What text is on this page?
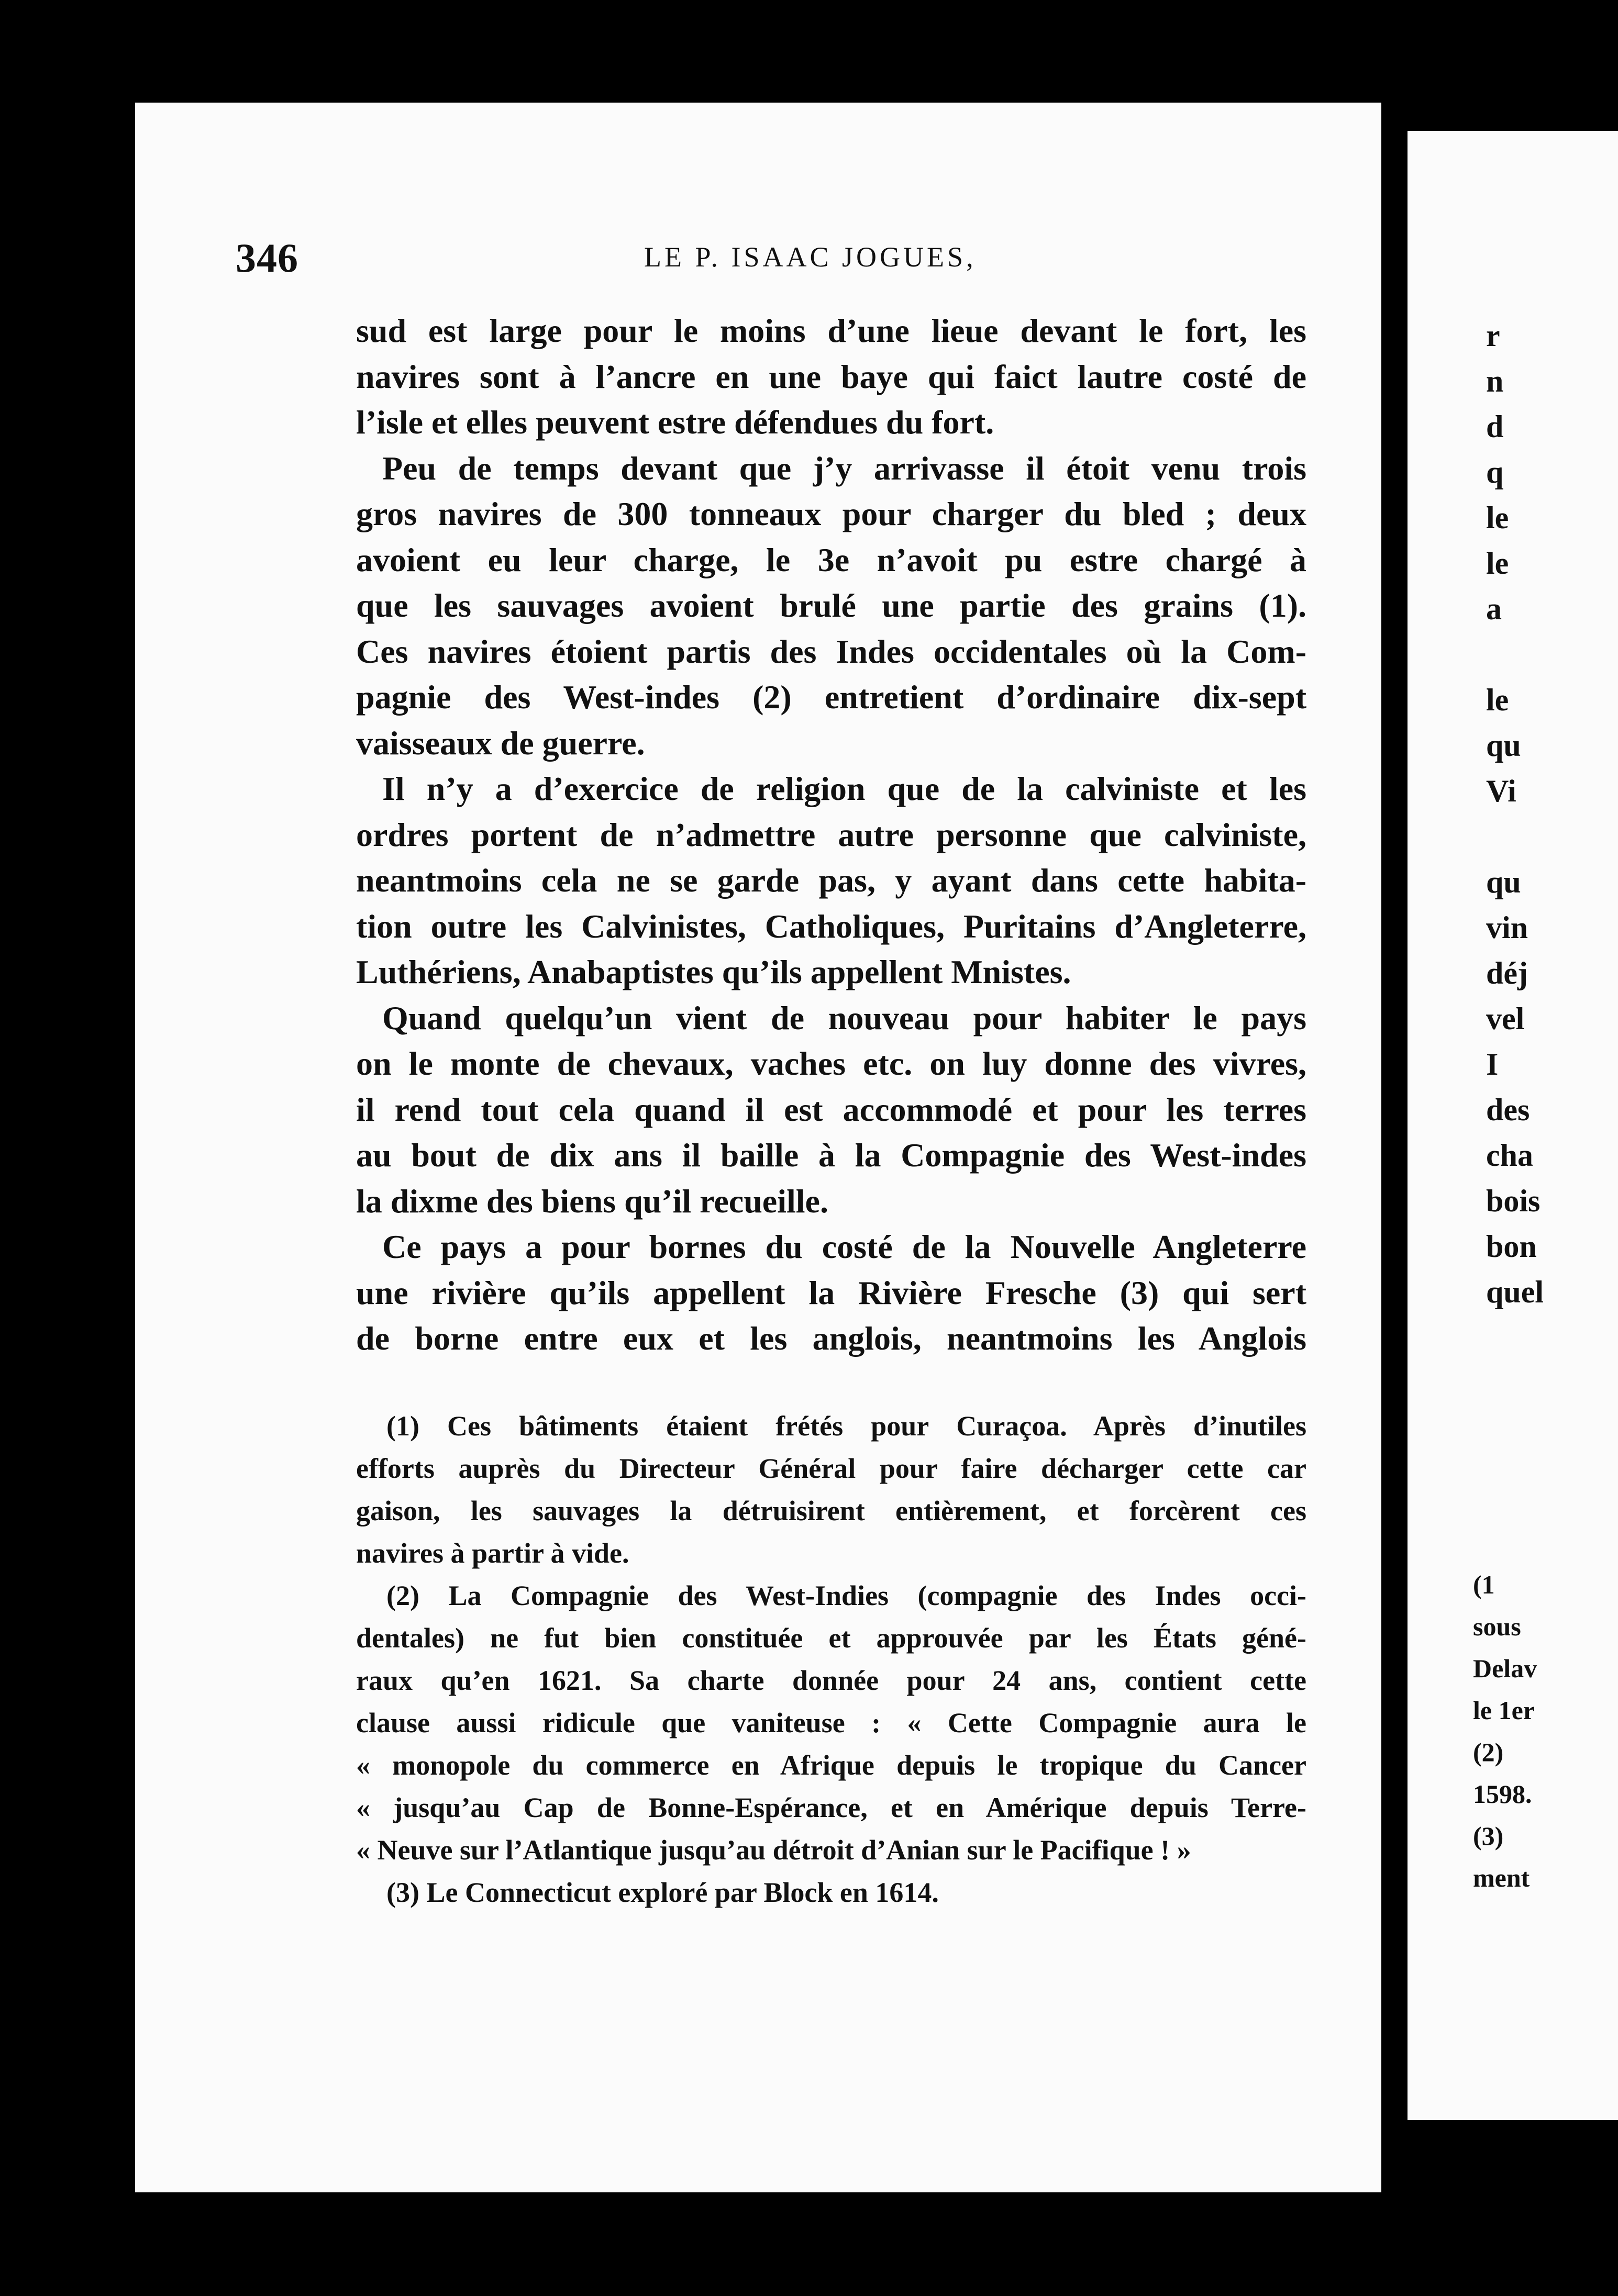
r
n
d
q
le
le
a
le
qu
Vi
qu
vin
déj
vel
I
des
cha
bois
bon
quel
(1
sous
Delav
le 1er
(2)
1598.
(3)
ment
346	LE P. ISAAC JOGUES,
sud est large pour le moins d’une lieue devant le fort, les
navires sont à l’ancre en une baye qui faict lautre costé de
l’isle et elles peuvent estre défendues du fort.
Peu de temps devant que j’y arrivasse il étoit venu trois
gros navires de 300 tonneaux pour charger du bled ; deux
avoient eu leur charge, le 3e n’avoit pu estre chargé à
que les sauvages avoient brulé une partie des grains (1).
Ces navires étoient partis des Indes occidentales où la Com-
pagnie des West-indes (2) entretient d’ordinaire dix-sept
vaisseaux de guerre.
Il n’y a d’exercice de religion que de la calviniste et les
ordres portent de n’admettre autre personne que calviniste,
neantmoins cela ne se garde pas, y ayant dans cette habita-
tion outre les Calvinistes, Catholiques, Puritains d’Angleterre,
Luthériens, Anabaptistes qu’ils appellent Mnistes.
Quand quelqu’un vient de nouveau pour habiter le pays
on le monte de chevaux, vaches etc. on luy donne des vivres,
il rend tout cela quand il est accommodé et pour les terres
au bout de dix ans il baille à la Compagnie des West-indes
la dixme des biens qu’il recueille.
Ce pays a pour bornes du costé de la Nouvelle Angleterre
une rivière qu’ils appellent la Rivière Fresche (3) qui sert
de borne entre eux et les anglois, neantmoins les Anglois
(1) Ces bâtiments étaient frétés pour Curaçoa. Après d’inutiles
efforts auprès du Directeur Général pour faire décharger cette car
gaison, les sauvages la détruisirent entièrement, et forcèrent ces
navires à partir à vide.
(2) La Compagnie des West-Indies (compagnie des Indes occi-
dentales) ne fut bien constituée et approuvée par les États géné-
raux qu’en 1621. Sa charte donnée pour 24 ans, contient cette
clause aussi ridicule que vaniteuse : « Cette Compagnie aura le
« monopole du commerce en Afrique depuis le tropique du Cancer
« jusqu’au Cap de Bonne-Espérance, et en Amérique depuis Terre-
« Neuve sur l’Atlantique jusqu’au détroit d’Anian sur le Pacifique ! »
(3) Le Connecticut exploré par Block en 1614.
